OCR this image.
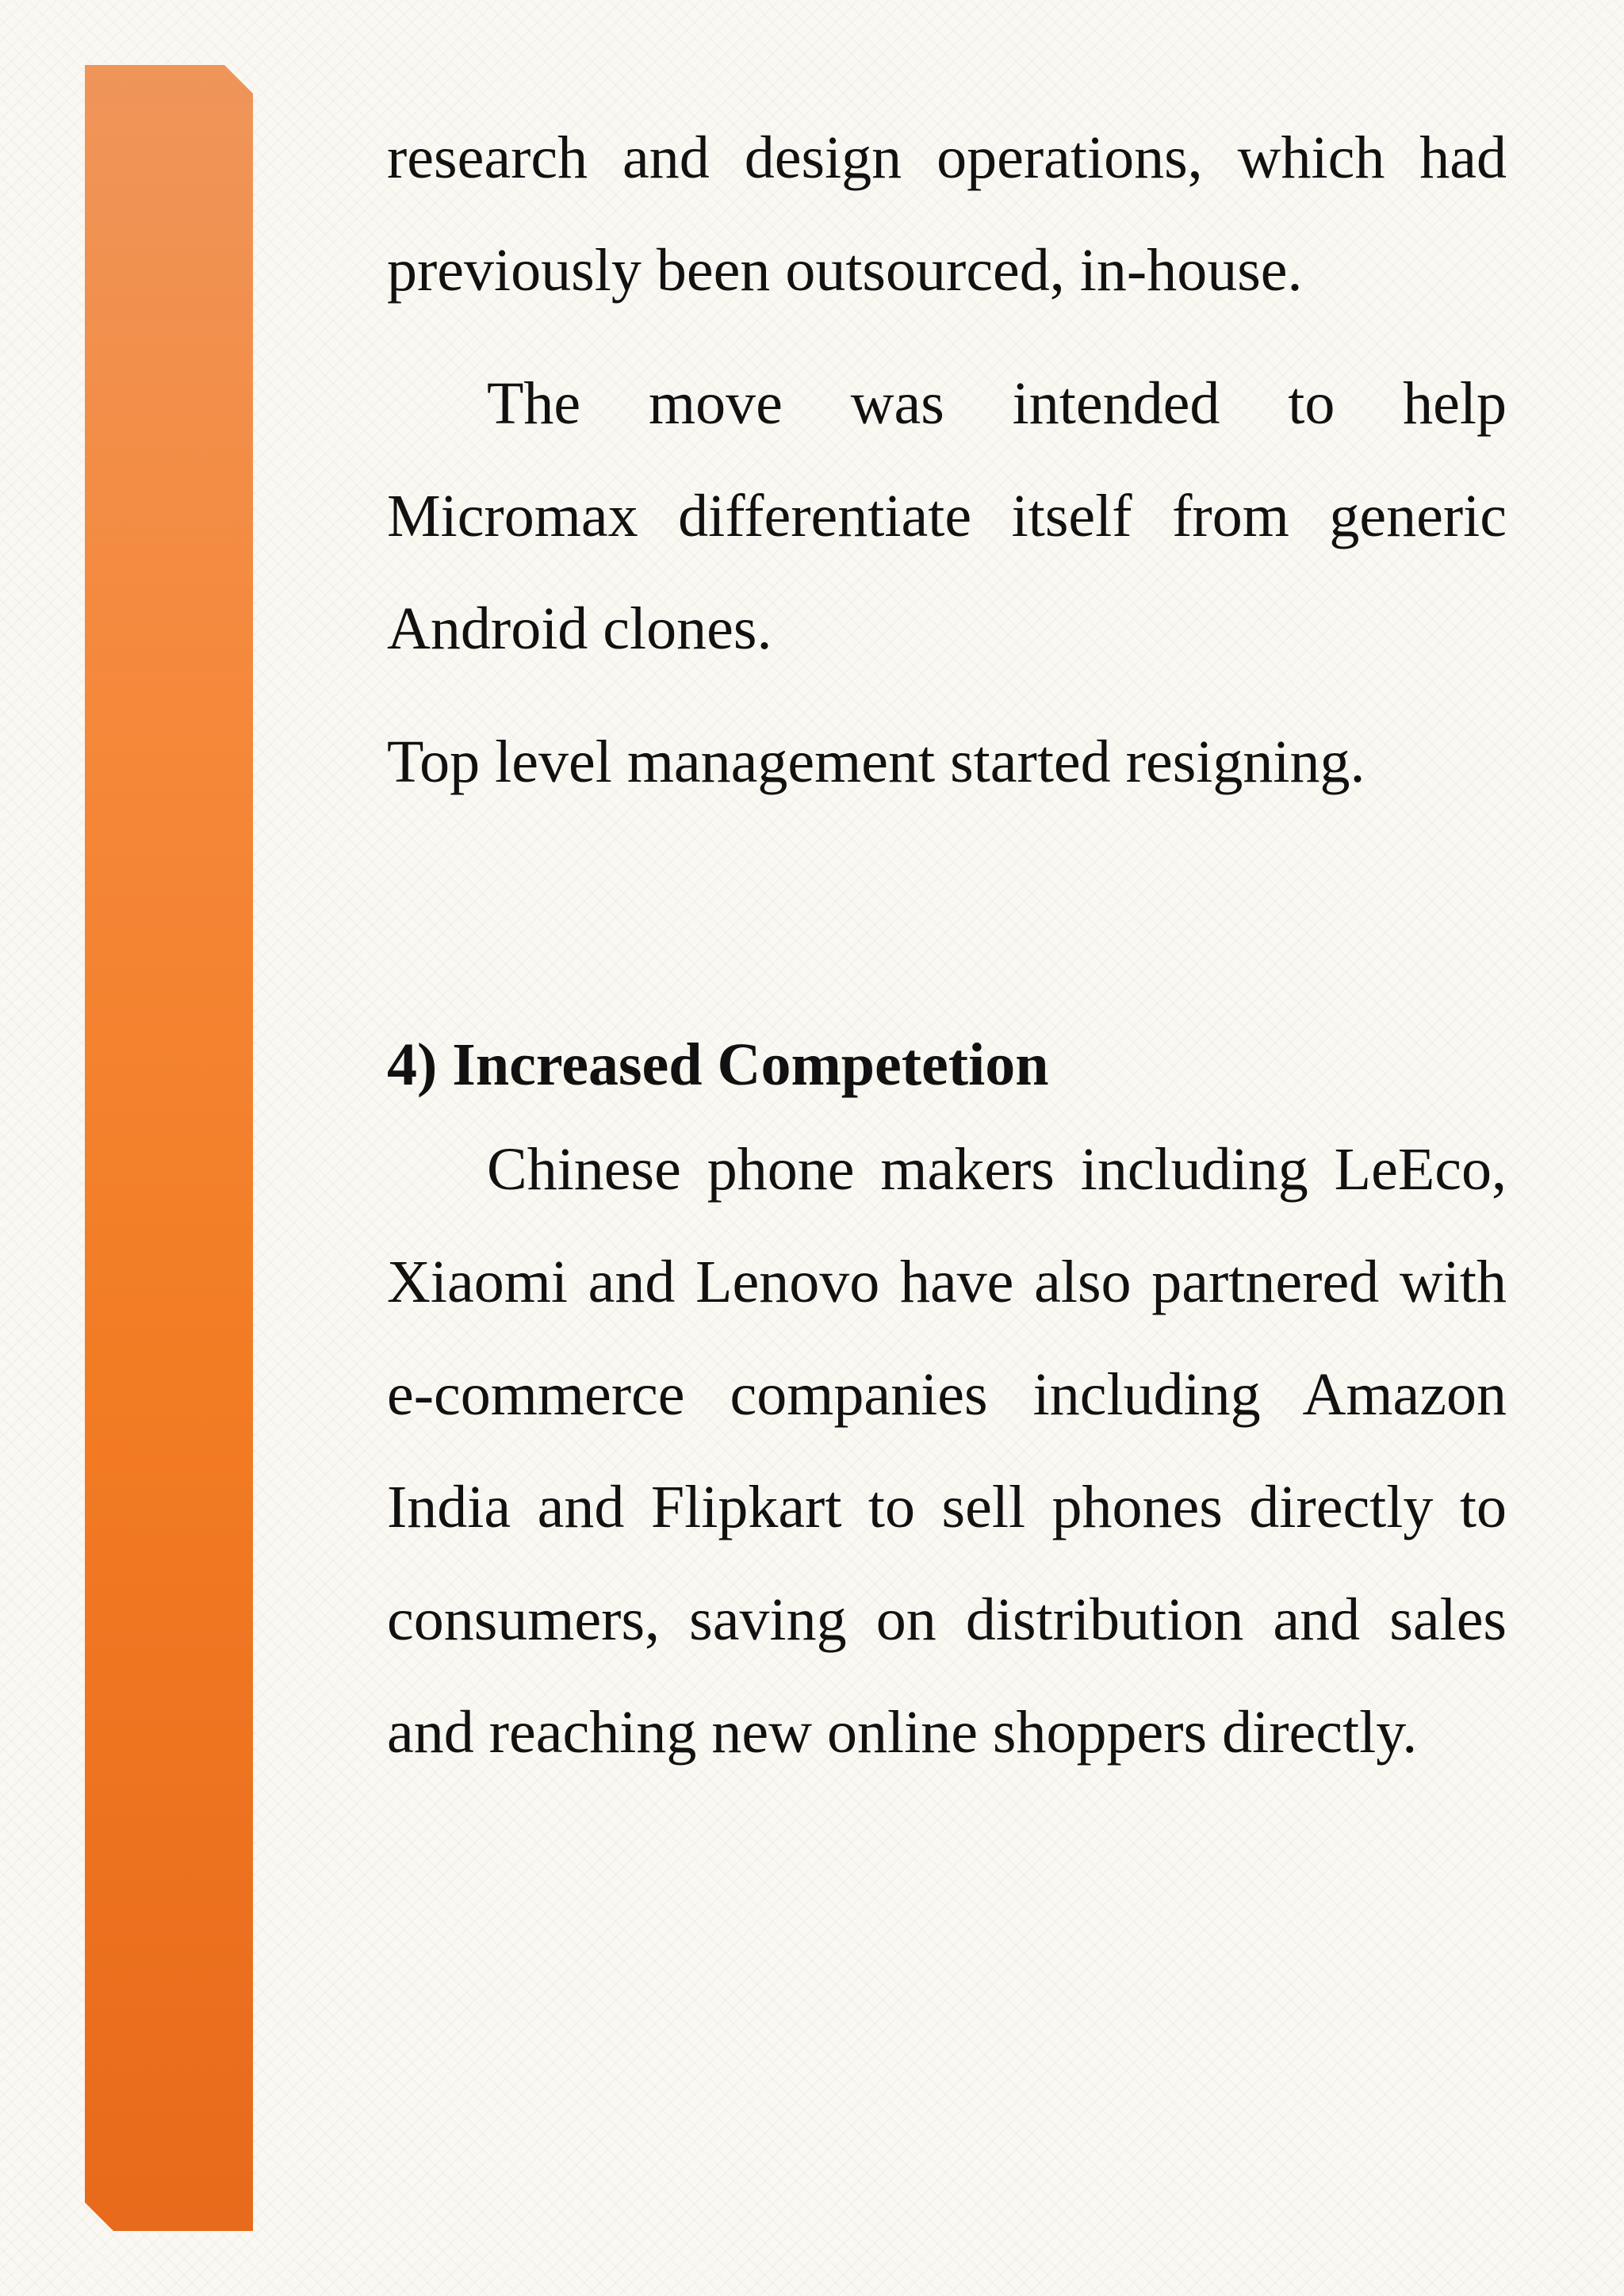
research and design operations, which had previously been outsourced, in-house.

The move was intended to help Micromax differentiate itself from generic Android clones.

Top level management started resigning.

4) Increased Competetion

Chinese phone makers including LeEco, Xiaomi and Lenovo have also partnered with e-commerce companies including Amazon India and Flipkart to sell phones directly to consumers, saving on distribution and sales and reaching new online shoppers directly.
